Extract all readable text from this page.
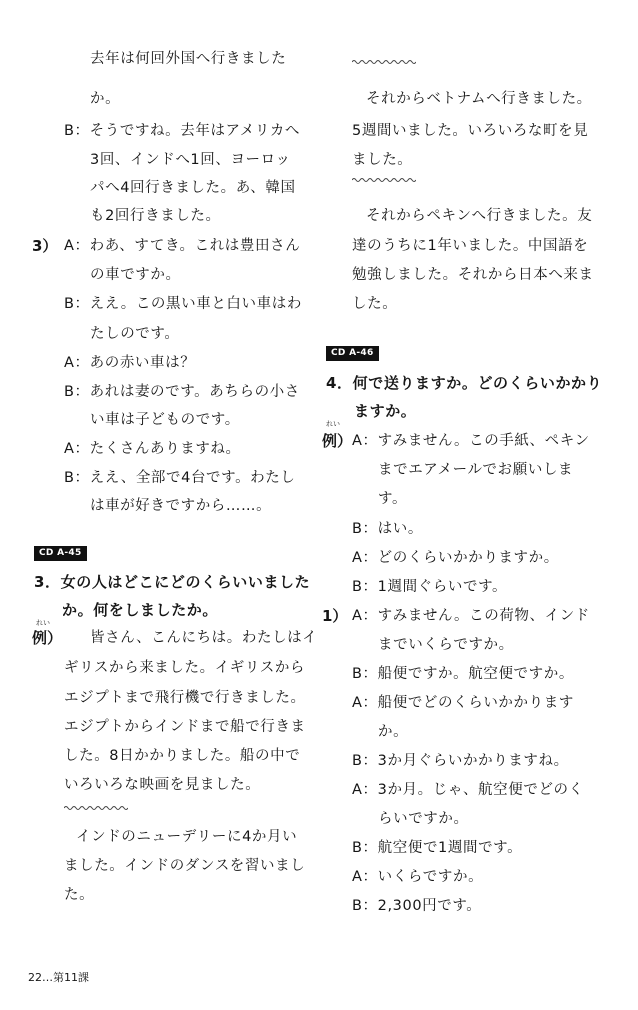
去年は何回外国へ行きました
か。
B：そうですね。去年はアメリカへ
3回、インドへ1回、ヨーロッ
パへ4回行きました。あ、韓国
も2回行きました。
3） A：わあ、すてき。これは豊田さん
の車ですか。
B：ええ。この黒い車と白い車はわ
たしのです。
A：あの赤い車は？
B：あれは妻のです。あちらの小さ
い車は子どものです。
A：たくさんありますね。
B：ええ、全部で4台です。わたし
は車が好きですから……。
CD A-45
3．女の人はどこにどのくらいいました
か。何をしましたか。
れい
例） 皆さん、こんにちは。わたしはイ
ギリスから来ました。イギリスから
エジプトまで飛行機で行きました。
エジプトからインドまで船で行きま
した。8日かかりました。船の中で
いろいろな映画を見ました。
インドのニューデリーに4か月い
ました。インドのダンスを習いまし
た。
それからベトナムへ行きました。
5週間いました。いろいろな町を見
ました。
それからペキンへ行きました。友
達のうちに1年いました。中国語を
勉強しました。それから日本へ来ま
した。
CD A-46
4．何で送りますか。どのくらいかかり
ますか。
れい
例） A：すみません。この手紙、ペキン
までエアメールでお願いしま
す。
B：はい。
A：どのくらいかかりますか。
B：1週間ぐらいです。
1） A：すみません。この荷物、インド
までいくらですか。
B：船便ですか。航空便ですか。
A：船便でどのくらいかかります
か。
B：3か月ぐらいかかりますね。
A：3か月。じゃ、航空便でどのく
らいですか。
B：航空便で1週間です。
A：いくらですか。
B：2,300円です。
22…第11課
